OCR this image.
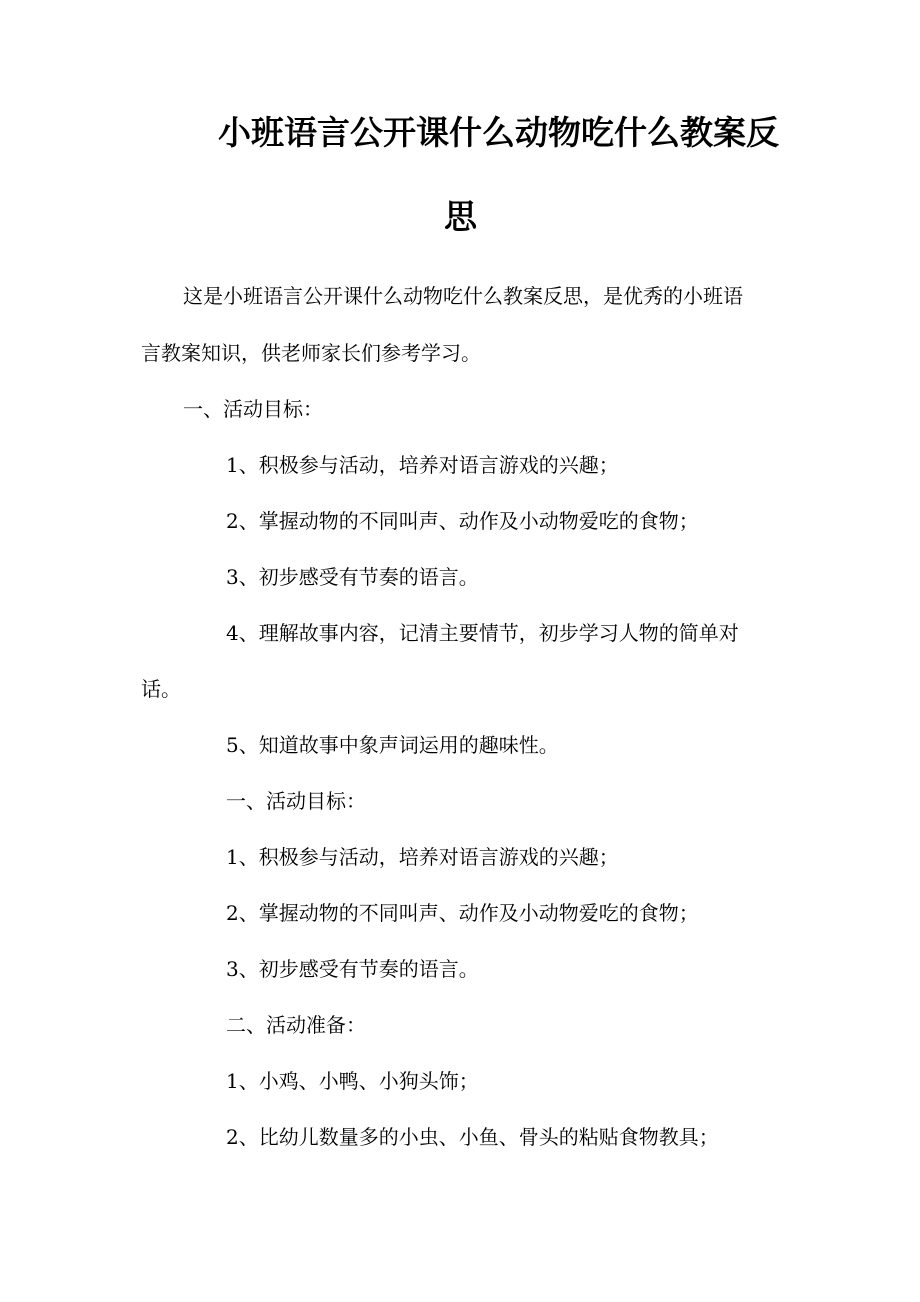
小班语言公开课什么动物吃什么教案反
思
这是小班语言公开课什么动物吃什么教案反思，是优秀的小班语
言教案知识，供老师家长们参考学习。
一、活动目标：
1、积极参与活动，培养对语言游戏的兴趣；
2、掌握动物的不同叫声、动作及小动物爱吃的食物；
3、初步感受有节奏的语言。
4、理解故事内容，记清主要情节，初步学习人物的简单对
话。
5、知道故事中象声词运用的趣味性。
一、活动目标：
1、积极参与活动，培养对语言游戏的兴趣；
2、掌握动物的不同叫声、动作及小动物爱吃的食物；
3、初步感受有节奏的语言。
二、活动准备：
1、小鸡、小鸭、小狗头饰；
2、比幼儿数量多的小虫、小鱼、骨头的粘贴食物教具；
